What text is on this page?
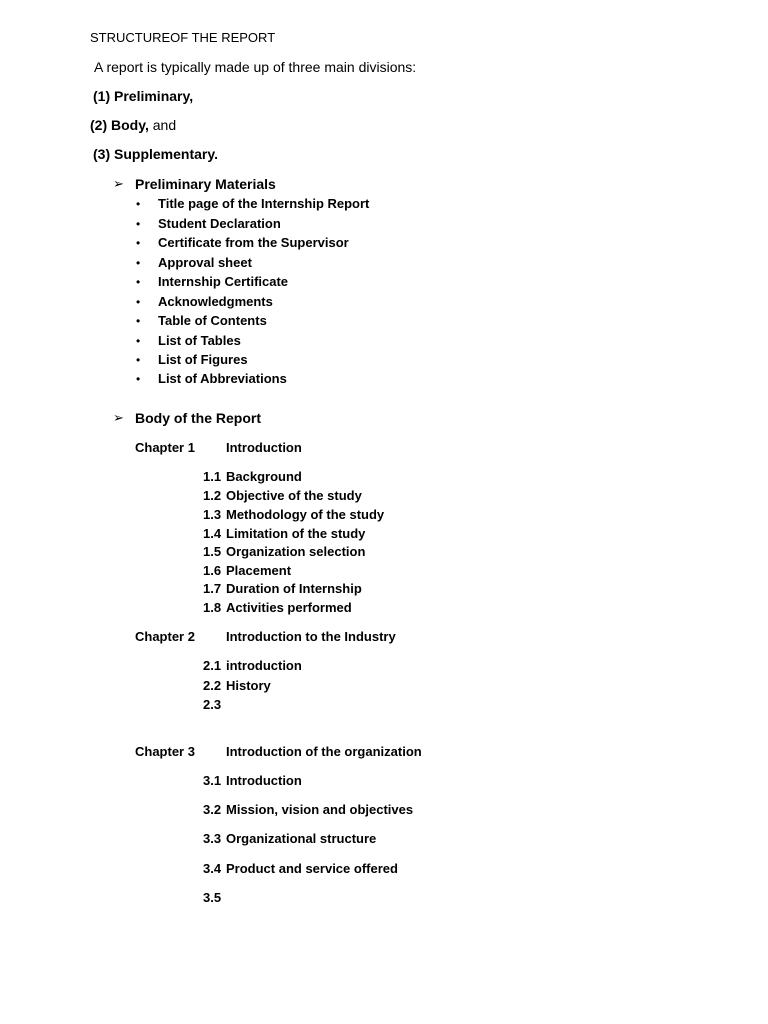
STRUCTUREOF THE REPORT
A report is typically made up of three main divisions:
(1) Preliminary,
(2) Body, and
(3) Supplementary.
➢ Preliminary Materials
• Title page of the Internship Report
• Student Declaration
• Certificate from the Supervisor
• Approval sheet
• Internship Certificate
• Acknowledgments
• Table of Contents
• List of Tables
• List of Figures
• List of Abbreviations
➢ Body of the Report
Chapter 1 Introduction
1.1 Background
1.2 Objective of the study
1.3 Methodology of the study
1.4 Limitation of the study
1.5 Organization selection
1.6 Placement
1.7 Duration of Internship
1.8 Activities performed
Chapter 2 Introduction to the Industry
2.1 introduction
2.2 History
2.3
Chapter 3 Introduction of the organization
3.1 Introduction
3.2 Mission, vision and objectives
3.3 Organizational structure
3.4 Product and service offered
3.5
